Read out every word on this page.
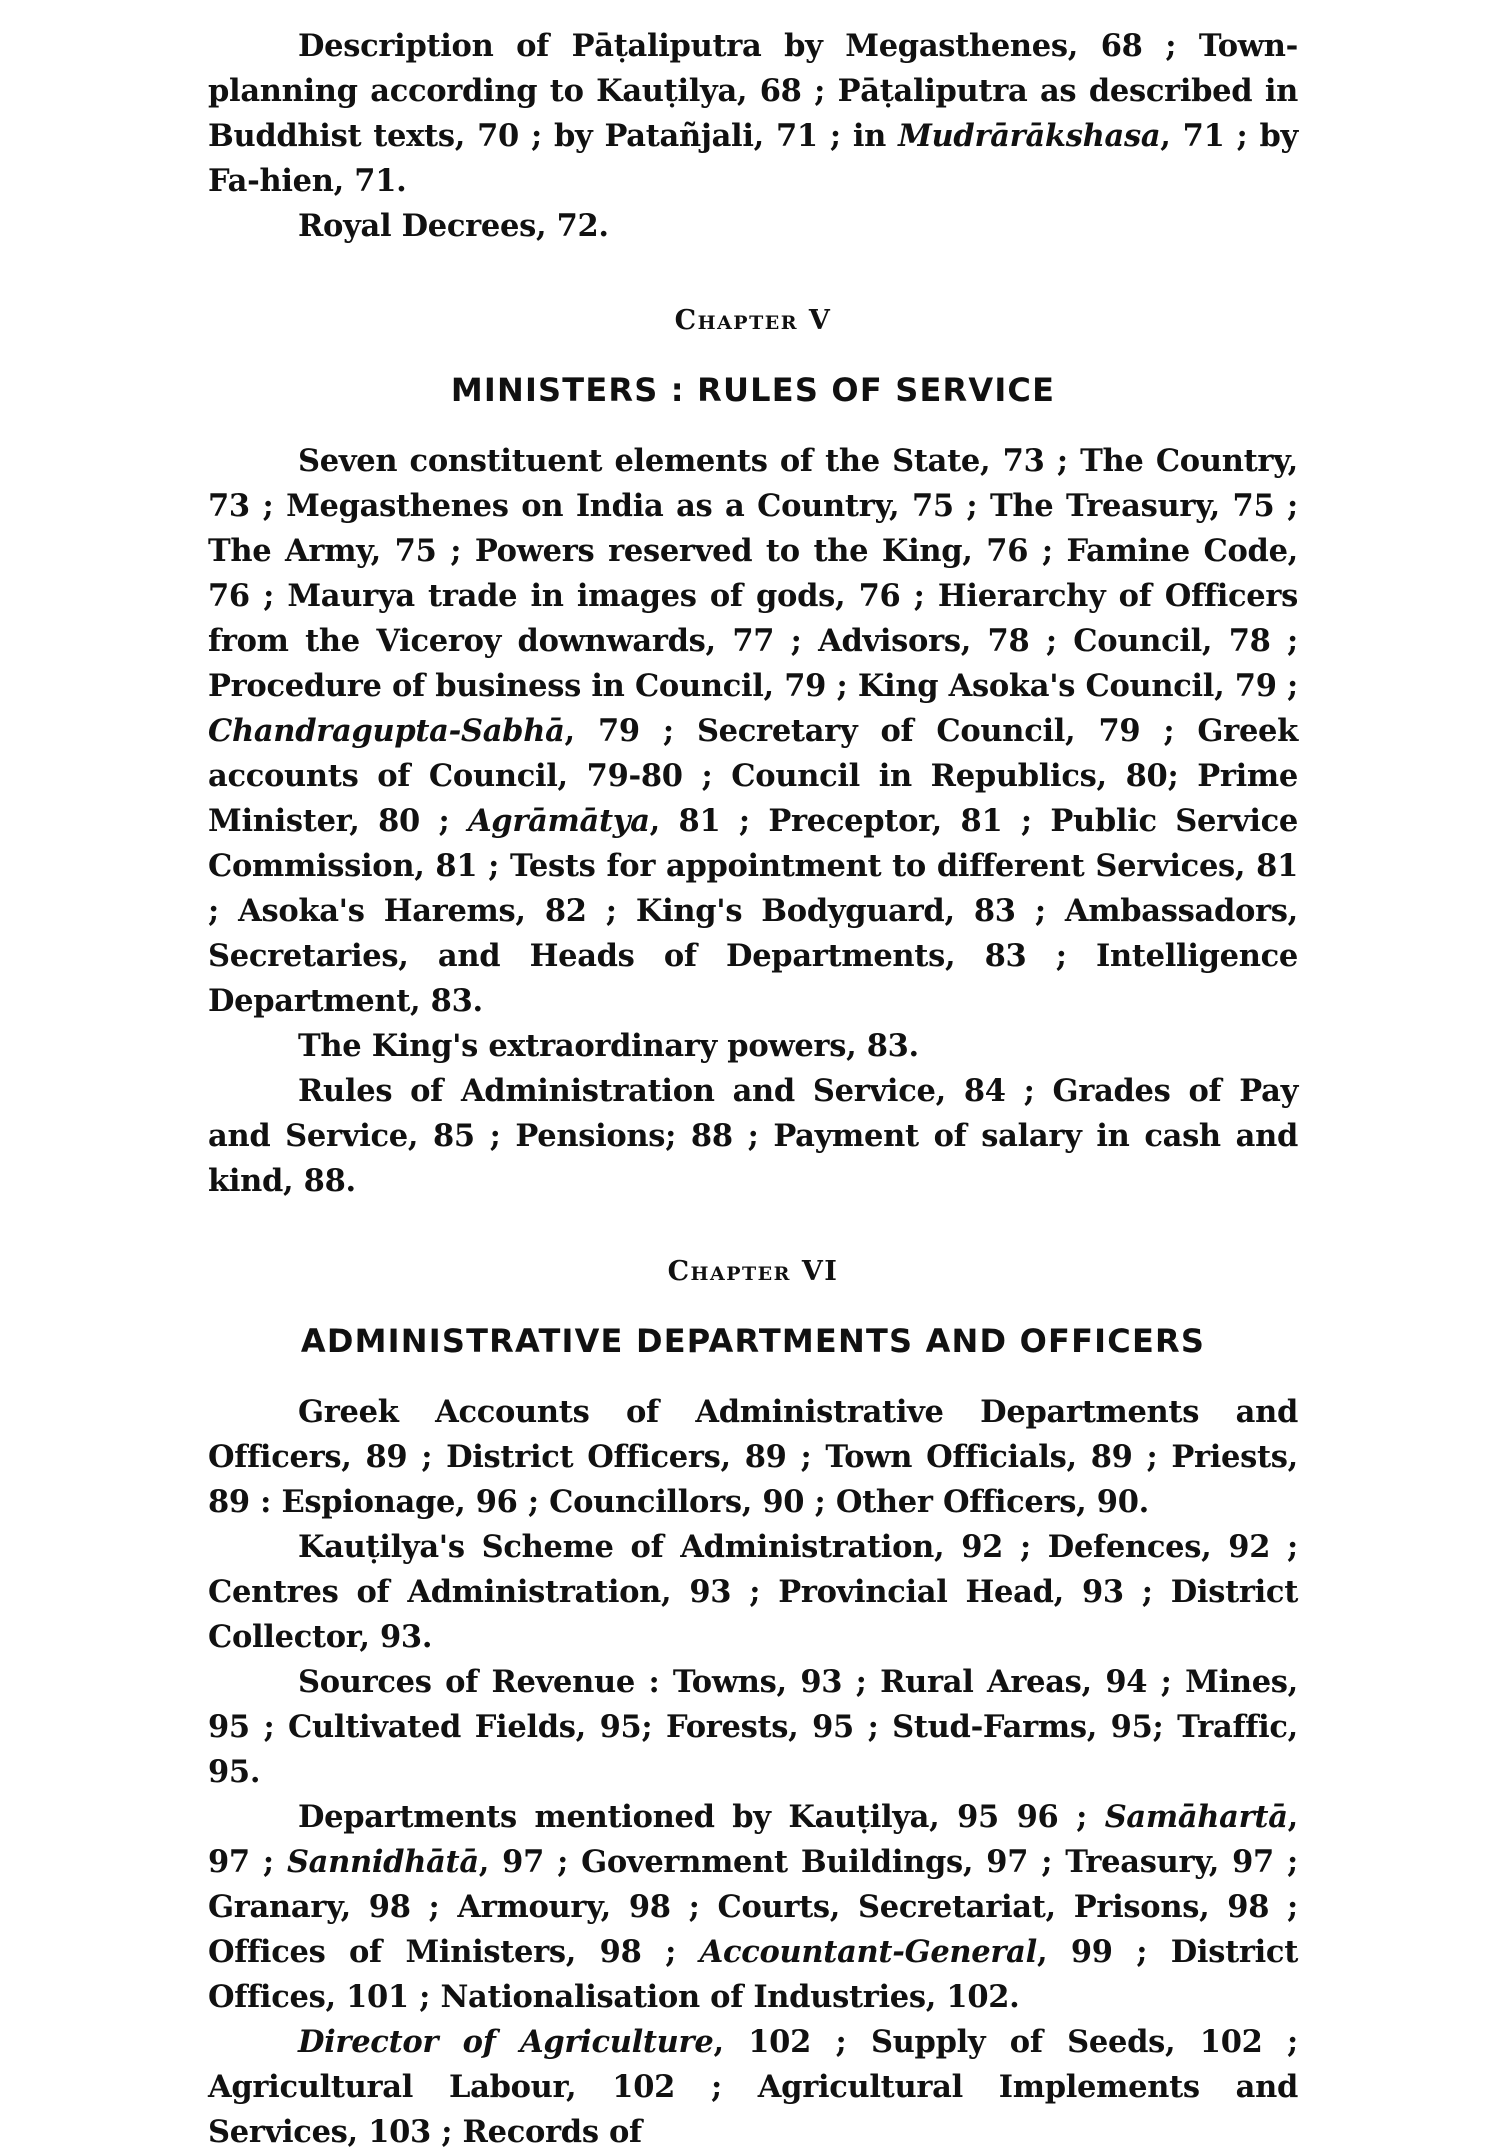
Description of Pāṭaliputra by Megasthenes, 68 ; Town-planning according to Kauṭilya, 68 ; Pāṭaliputra as described in Buddhist texts, 70 ; by Patañjali, 71 ; in Mudrārākshasa, 71 ; by Fa-hien, 71.

Royal Decrees, 72.

Chapter V
MINISTERS : RULES OF SERVICE

Seven constituent elements of the State, 73 ; The Country, 73 ; Megasthenes on India as a Country, 75 ; The Treasury, 75 ; The Army, 75 ; Powers reserved to the King, 76 ; Famine Code, 76 ; Maurya trade in images of gods, 76 ; Hierarchy of Officers from the Viceroy downwards, 77 ; Advisors, 78 ; Council, 78 ; Procedure of business in Council, 79 ; King Asoka's Council, 79 ; Chandragupta-Sabhā, 79 ; Secretary of Council, 79 ; Greek accounts of Council, 79-80 ; Council in Republics, 80; Prime Minister, 80 ; Agrāmātya, 81 ; Preceptor, 81 ; Public Service Commission, 81 ; Tests for appointment to different Services, 81 ; Asoka's Harems, 82 ; King's Bodyguard, 83 ; Ambassadors, Secretaries, and Heads of Departments, 83 ; Intelligence Department, 83.

The King's extraordinary powers, 83.

Rules of Administration and Service, 84 ; Grades of Pay and Service, 85 ; Pensions; 88 ; Payment of salary in cash and kind, 88.

Chapter VI
ADMINISTRATIVE DEPARTMENTS AND OFFICERS

Greek Accounts of Administrative Departments and Officers, 89 ; District Officers, 89 ; Town Officials, 89 ; Priests, 89 : Espionage, 96 ; Councillors, 90 ; Other Officers, 90.

Kauṭilya's Scheme of Administration, 92 ; Defences, 92 ; Centres of Administration, 93 ; Provincial Head, 93 ; District Collector, 93.

Sources of Revenue : Towns, 93 ; Rural Areas, 94 ; Mines, 95 ; Cultivated Fields, 95; Forests, 95 ; Stud-Farms, 95; Traffic, 95.

Departments mentioned by Kauṭilya, 95 96 ; Samāhartā, 97 ; Sannidhātā, 97 ; Government Buildings, 97 ; Treasury, 97 ; Granary, 98 ; Armoury, 98 ; Courts, Secretariat, Prisons, 98 ; Offices of Ministers, 98 ; Accountant-General, 99 ; District Offices, 101 ; Nationalisation of Industries, 102.

Director of Agriculture, 102 ; Supply of Seeds, 102 ; Agricultural Labour, 102 ; Agricultural Implements and Services, 103 ; Records of
